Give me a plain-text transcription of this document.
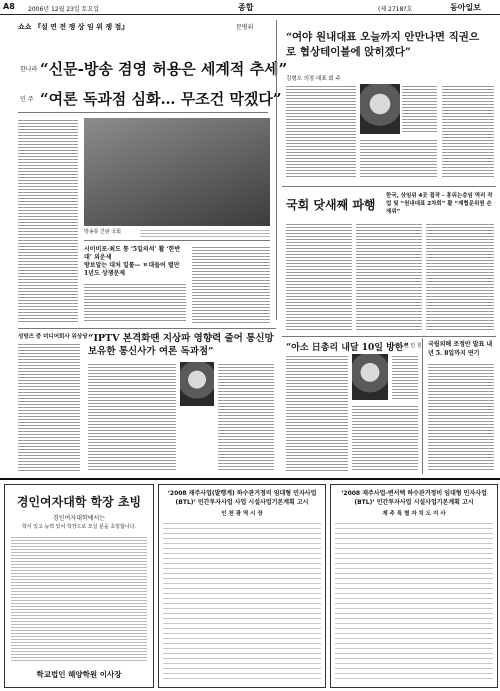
A8 2006년 12월 23일 토요일	종합	(제 2718?호	동아일보
쇼쇼 『설 연 전 쟁 상 임 위 쟁 점』	문병위
한나라 “신문-방송 겸영 허용은 세계적 추세”
민 주 “여론 독과점 심화… 무조건 막겠다”
방송통 간판 국회
시이비포·최도 통 ‘5일의석’ 활 ‘한반대’ 외운세
방보알는 대처 일룰— ㅌ대들어 별만 1년도 상쟁문제
“여야 원내대표 오늘까지 안만나면 직권으로 협상테이블에 앉히겠다”
김형오 의장 대표 회 주
국회 닷새째 파행
한국, 상임위 4곳 접작 - 흥위는층임 역리 작업 및 “원내대표 2차회” 활 “재협문위원 손 재위”
성방즈 중 미디어회사 위상당 “IPTV 본격화땐 지상파 영향력 줄어 통신망 보유한 통신사가 여론 독과점”	“아소 日총리 내달 10일 방한”
원 민 원 국립외해 조정안 발표 내년 5. 8일까지 연기
경인여자대학 학장 초빙
경인여자대학에서는
학식 있고 능력 있어 학장으로 모실 분을 초빙합니다.
학교법인 해양학원 이사장
‘2008 재주사업(발행계) 하수관거정비 임대형 민자사업(BTL)’ 민간투자사업 사업 시설사업기본계획 고시
인 천 광 역 시 장
‘2008 재주사업-변서택 하수관거정비 임대형 민자사업(BTL)’ 민간투자사업 시설사업기본계획 고시
제 주 특 별 자 치 도 지 사
